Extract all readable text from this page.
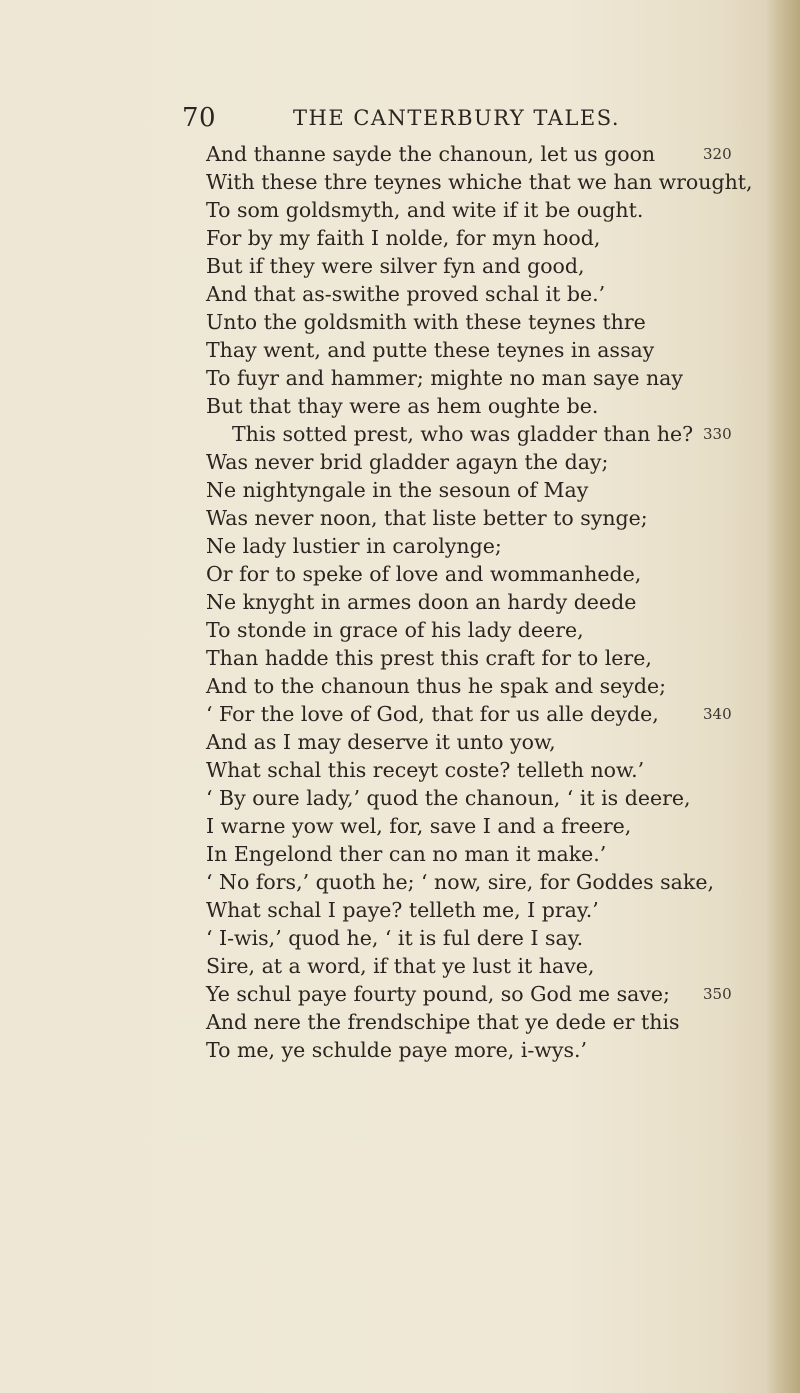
70	THE CANTERBURY TALES.
And thanne sayde the chanoun, let us goon	320
With these thre teynes whiche that we han wrought,
To som goldsmyth, and wite if it be ought.
For by my faith I nolde, for myn hood,
But if they were silver fyn and good,
And that as-swithe proved schal it be.’
Unto the goldsmith with these teynes thre
Thay went, and putte these teynes in assay
To fuyr and hammer; mighte no man saye nay
But that thay were as hem oughte be.
This sotted prest, who was gladder than he? 330
Was never brid gladder agayn the day;
Ne nightyngale in the sesoun of May
Was never noon, that liste better to synge;
Ne lady lustier in carolynge;
Or for to speke of love and wommanhede,
Ne knyght in armes doon an hardy deede
To stonde in grace of his lady deere,
Than hadde this prest this craft for to lere,
And to the chanoun thus he spak and seyde;
‘ For the love of God, that for us alle deyde,	340
And as I may deserve it unto yow,
What schal this receyt coste? telleth now.’
‘ By oure lady,’ quod the chanoun, ‘ it is deere,
I warne yow wel, for, save I and a freere,
In Engelond ther can no man it make.’
‘ No fors,’ quoth he; ‘ now, sire, for Goddes sake,
What schal I paye? telleth me, I pray.’
‘ I-wis,’ quod he, ‘ it is ful dere I say.
Sire, at a word, if that ye lust it have,
Ye schul paye fourty pound, so God me save; 350
And nere the frendschipe that ye dede er this
To me, ye schulde paye more, i-wys.’
